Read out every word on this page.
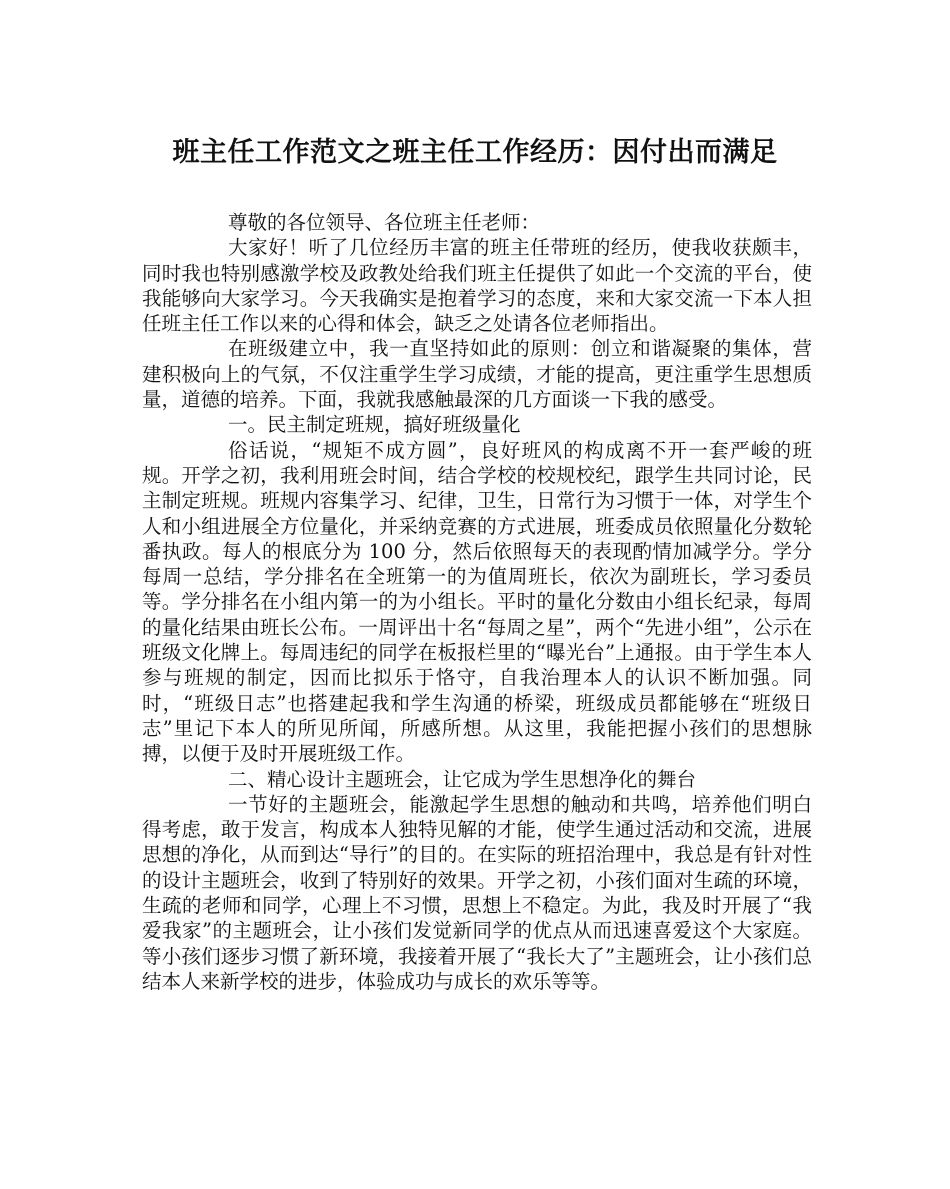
班主任工作范文之班主任工作经历：因付出而满足

尊敬的各位领导、各位班主任老师：

大家好！听了几位经历丰富的班主任带班的经历，使我收获颇丰，同时我也特别感激学校及政教处给我们班主任提供了如此一个交流的平台，使我能够向大家学习。今天我确实是抱着学习的态度，来和大家交流一下本人担任班主任工作以来的心得和体会，缺乏之处请各位老师指出。

在班级建立中，我一直坚持如此的原则：创立和谐凝聚的集体，营建积极向上的气氛，不仅注重学生学习成绩，才能的提高，更注重学生思想质量，道德的培养。下面，我就我感触最深的几方面谈一下我的感受。

一。民主制定班规，搞好班级量化

俗话说，“规矩不成方圆”，良好班风的构成离不开一套严峻的班规。开学之初，我利用班会时间，结合学校的校规校纪，跟学生共同讨论，民主制定班规。班规内容集学习、纪律，卫生，日常行为习惯于一体，对学生个人和小组进展全方位量化，并采纳竞赛的方式进展，班委成员依照量化分数轮番执政。每人的根底分为 100 分，然后依照每天的表现酌情加减学分。学分每周一总结，学分排名在全班第一的为值周班长，依次为副班长，学习委员等。学分排名在小组内第一的为小组长。平时的量化分数由小组长纪录，每周的量化结果由班长公布。一周评出十名“每周之星”，两个“先进小组”，公示在班级文化牌上。每周违纪的同学在板报栏里的“曝光台”上通报。由于学生本人参与班规的制定，因而比拟乐于恪守，自我治理本人的认识不断加强。同时，“班级日志”也搭建起我和学生沟通的桥梁，班级成员都能够在“班级日志”里记下本人的所见所闻，所感所想。从这里，我能把握小孩们的思想脉搏，以便于及时开展班级工作。

二、精心设计主题班会，让它成为学生思想净化的舞台

一节好的主题班会，能激起学生思想的触动和共鸣，培养他们明白得考虑，敢于发言，构成本人独特见解的才能，使学生通过活动和交流，进展思想的净化，从而到达“导行”的目的。在实际的班招治理中，我总是有针对性的设计主题班会，收到了特别好的效果。开学之初，小孩们面对生疏的环境，生疏的老师和同学，心理上不习惯，思想上不稳定。为此，我及时开展了“我爱我家”的主题班会，让小孩们发觉新同学的优点从而迅速喜爱这个大家庭。等小孩们逐步习惯了新环境，我接着开展了“我长大了”主题班会，让小孩们总结本人来新学校的进步，体验成功与成长的欢乐等等。
